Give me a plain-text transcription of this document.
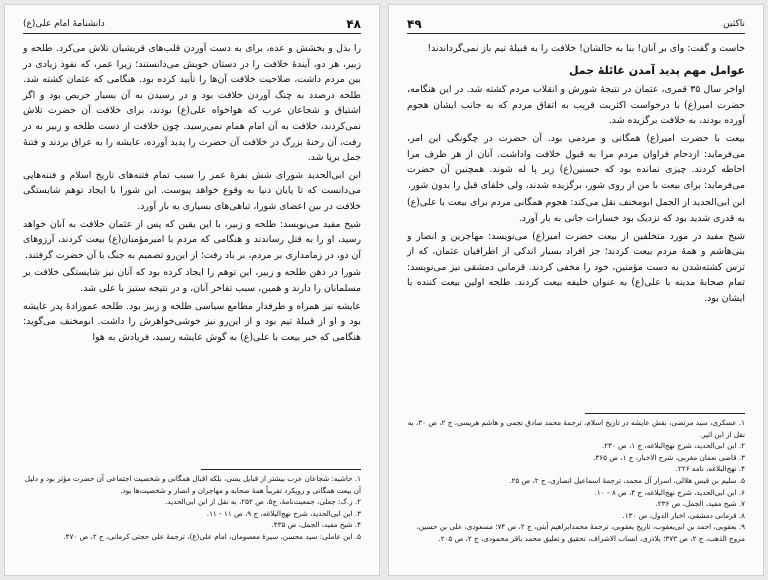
۴۸
دانشنامهٔ امام علی(ع)

را بذل و بخشش و عده، برای به دست آوردن قلب‌های قریشیان تلاش می‌کرد. طلحه و زبیر، هر دو، آیندهٔ خلافت را در دستان خویش می‌دانستند؛ زیرا عمر، که نفوذ زیادی در بین مردم داشت، صلاحیت خلافت آن‌ها را تأیید کرده بود. هنگامی که عثمان کشته شد. طلحه درصدد به چنگ آوردن خلافت بود و در رسیدن به آن بسیار حریص بود و اگر اشتیاق و شجاعان عرب که هواخواه علی(ع) بودند، برای خلافت آن حضرت تلاش نمی‌کردند، خلافت به آن امام همام نمی‌رسید. چون خلافت از دست طلحه و زبیر به در رفت، آن رخنهٔ بزرگ در خلافت آن حضرت را پدید آورده، عایشه را به عراق بردند و فتنهٔ جمل برپا شد.

ابن ابی‌الحدید شورای شش نفرهٔ عمر را سبب تمام فتنه‌های تاریخ اسلام و فتنه‌هایی می‌دانست که تا پایان دنیا به وقوع خواهد پیوست. این شورا با ایجاد توهم شایستگی خلافت در بین اعضای شورا، تباهی‌های بسیاری به بار آورد.

شیخ مفید می‌نویسد: طلحه و زبیر، با این یقین که پس از عثمان خلافت به آنان خواهد رسید، او را به قتل رساندند و هنگامی که مردم با امیرمؤمنان(ع) بیعت کردند، آرزوهای آن دو، در زمامداری بر مردم، بر باد رفت؛ از این‌رو تصمیم به جنگ با آن حضرت گرفتند.

شورا در ذهن طلحه و زبیر، این توهم را ایجاد کرده بود که آنان نیز شایستگی خلافت بر مسلمانان را دارند و همین، سبب تفاخر آنان، و در نتیجه ستیز با علی شد.

عایشه نیز همراه و طرفدار مطامع سیاسی طلحه و زبیر بود. طلحه عموزادهٔ پدر عایشه بود و او از قبیلهٔ تیم بود و از این‌رو نیز خوشی‌خواهرش را داشت. ابومخنف می‌گوید: هنگامی که خبر بیعت با علی(ع) به گوش عایشه رسید، فریادش به هوا

۱. حاشیه: شجاعان عرب بیشتر از قبایل یمنی، بلکه اقبال همگانی و شخصیت اجتماعی آن حضرت مؤثر بود و دلیل آن بیعت همگانی و رویکرد تقریباً همهٔ صحابه و مهاجران و انصار و شخصیت‌ها بود.
۲. ر.ک: جعلی، جمعیت‌نامهٔ، ج۵، ص ۲۵۲، به نقل از ابن ابی‌الحدید.
۳. ابن ابی‌الحدید، شرح نهج‌البلاغه، ج ۹، ص ۱۱ - ۱۱.
۴. شیخ مفید، الجمل، ص ۴۳۵.
۵. ابن عاملی: سید محسن، سیرهٔ معصومان، امام علی(ع)، ترجمهٔ علی حجتی کرمانی، ج ۲، ص ۴۷۰.
۴۹	ناکثین

خاست و گفت: وای بر آنان! بنا به حالشان! خلافت را به قبیلهٔ تیم باز نمی‌گرداندند!

عوامل مهم پدید آمدن غائلهٔ جمل

اواخر سال ۳۵ قمری، عثمان در نتیجهٔ شورش و انقلاب مردم کشته شد. در این هنگامه، حضرت امیر(ع) با درخواست اکثریت قریب به اتفاق مردم که به جانب ایشان هجوم آورده بودند، به خلافت برگزیده شد.

بیعت با حضرت امیر(ع) همگانی و مردمی بود. آن حضرت در چگونگی این امر، می‌فرماید: ازدحام فراوان مردم مرا به قبول خلافت واداشت. آنان از هر طرف مرا احاطه کردند. چیزی نمانده بود که حسنین(ع) زیر پا له شوند. همچنین آن حضرت می‌فرماید: برای بیعت با من از روی شور، برگزیده شدند، ولی خلفای قبل را بدون شور.

ابن ابی‌الحدید از الجمل ابومخنف نقل می‌کند: هجوم همگانی مردم برای بیعت با علی(ع) به قدری شدید بود که نزدیک بود خسارات جانی به بار آورد.

شیخ مفید در مورد متخلفین از بیعت حضرت امیر(ع) می‌نویسد: مهاجرین و انصار و بنی‌هاشم و همهٔ مردم بیعت کردند؛ جز افراد بسیار اندکی از اطرافیان عثمان، که از ترس کشته‌شدن به دست مؤمنین، خود را مخفی کردند. قرمانی دمشقی نیز می‌نویسد: تمام صحابهٔ مدینه با علی(ع) به عنوان خلیفه بیعت کردند. طلحه اولین بیعت کننده با ایشان بود.

۱. عسکری، سید مرتضی، نقش عایشه در تاریخ اسلام، ترجمهٔ محمد صادق نجمی و هاشم هریسی، ج ۲، ص ۳۰، به نقل از ابن اثیر.
۲. ابن ابی‌الحدید، شرح نهج‌البلاغه، ج ۱، ص ۲۳۰.
۳. قاضی نعمان مغربی، شرح الاخبار، ج ۱، ص ۳۶۵.
۴. نهج‌البلاغه، نامه ۲۲۶.
۵. سلیم بن قیس هلالی، اسرار آل محمد، ترجمهٔ اسماعیل انصاری، ج ۲، ص ۲۵.
۶. ابن ابی‌الحدید، شرح نهج‌البلاغه، ج ۴، ص ۸ - ۱۰.
۷. شیخ مفید، الجمل، ص ۲۳۶.
۸. قرمانی دمشقی، اخبار الدول، ص ۱۳۰.
۹. یعقوبی، احمد بن ابی‌یعقوب، تاریخ یعقوبی، ترجمهٔ محمدابراهیم آیتی، ج ۲، ص ۷۴؛ مسعودی، علی بن حسین، مروج الذهب، ج ۲، ص ۳۷۳؛ بلاذری، انساب الاشراف، تحقیق و تعلیق محمد باقر محمودی، ج ۲، ص ۲۰۵.
